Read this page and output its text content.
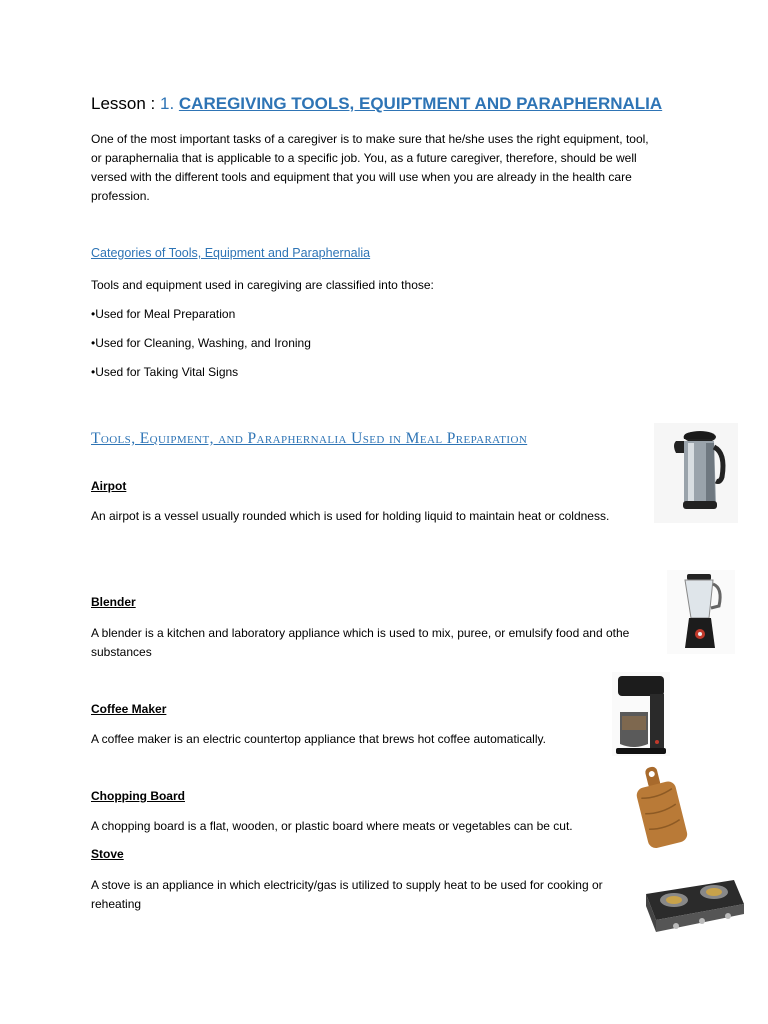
Lesson : 1. CAREGIVING TOOLS, EQUIPTMENT AND PARAPHERNALIA
One of the most important tasks of a caregiver is to make sure that he/she uses the right equipment, tool, or paraphernalia that is applicable to a specific job. You, as a future caregiver, therefore, should be well versed with the different tools and equipment that you will use when you are already in the health care profession.
Categories of Tools, Equipment and Paraphernalia
Tools and equipment used in caregiving are classified into those:
•Used for Meal Preparation
•Used for Cleaning, Washing, and Ironing
•Used for Taking Vital Signs
Tools, Equipment, and Paraphernalia Used in Meal Preparation
Airpot
An airpot is a vessel usually rounded which is used for holding liquid to maintain heat or coldness.
Blender
A blender is a kitchen and laboratory appliance which is used to mix, puree, or emulsify food and othe substances
Coffee Maker
A coffee maker is an electric countertop appliance that brews hot coffee automatically.
Chopping Board
A chopping board is a flat, wooden, or plastic board where meats or vegetables can be cut.
Stove
A stove is an appliance in which electricity/gas is utilized to supply heat to be used for cooking or reheating
